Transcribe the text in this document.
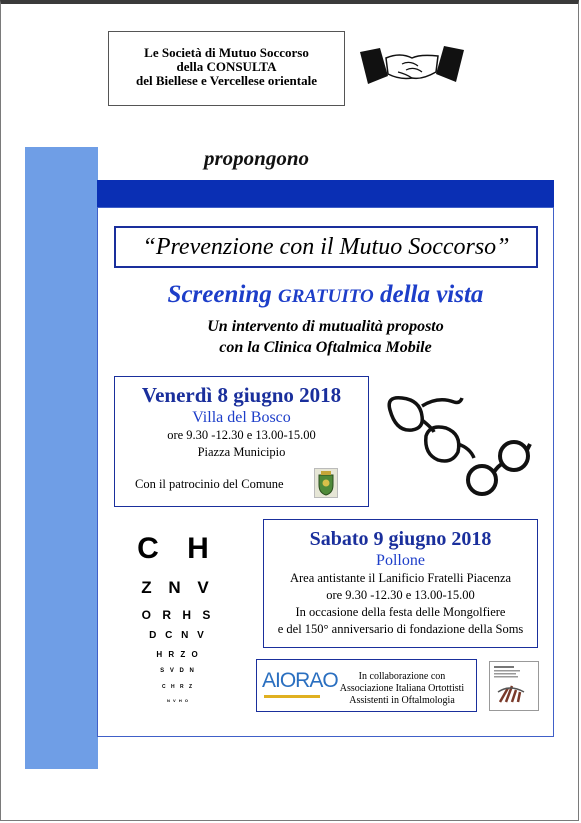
Le Società di Mutuo Soccorso
della CONSULTA
del Biellese e Vercellese orientale
propongono
“Prevenzione con il Mutuo Soccorso”
Screening GRATUITO della vista
Un intervento di mutualità proposto
con la Clinica Oftalmica Mobile
Venerdì 8 giugno 2018
Villa del Bosco
ore 9.30 -12.30 e 13.00-15.00
Piazza Municipio
Con il patrocinio del Comune
C H
Z N V
O R H S
D C N V
H R Z O
S V D N
C H R Z
N V H O
Sabato 9 giugno 2018
Pollone
Area antistante il Lanificio Fratelli Piacenza
ore 9.30 -12.30 e 13.00-15.00
In occasione della festa delle Mongolfiere
e del 150° anniversario di fondazione della Soms
AIORAO	In collaborazione con
Associazione Italiana Ortottisti
Assistenti in Oftalmologia
